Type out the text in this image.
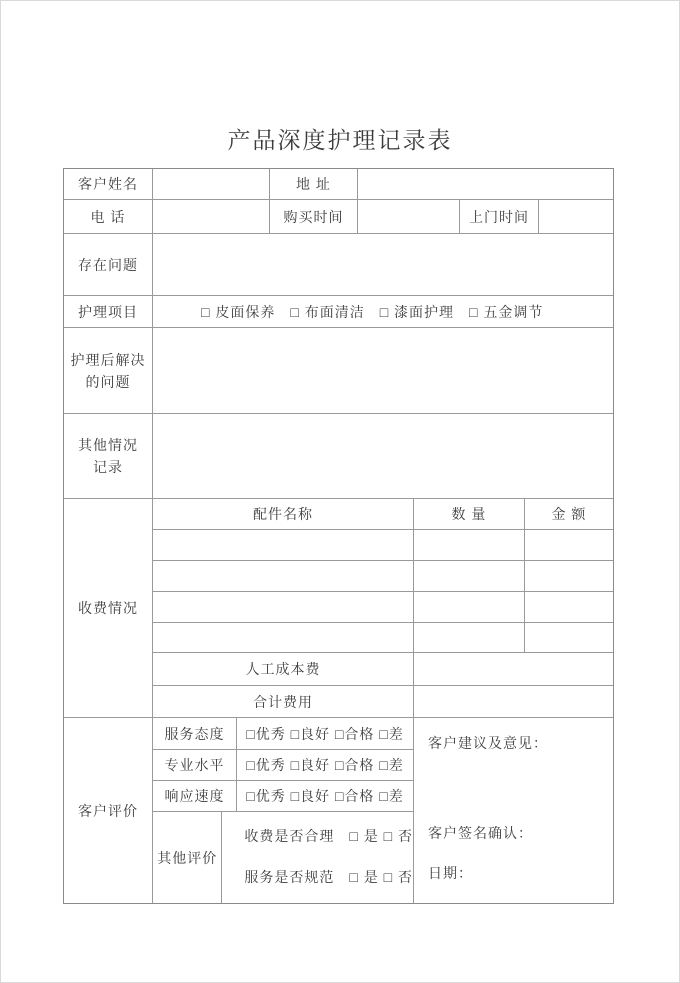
产品深度护理记录表
客户姓名	地 址
电 话	购买时间	上门时间
存在问题
护理项目	□ 皮面保养　□ 布面清洁　□ 漆面护理　□ 五金调节
护理后解决
的问题
其他情况
记录
收费情况
配件名称	数 量	金 额
人工成本费
合计费用
客户评价
服务态度	□优秀 □良好 □合格 □差
专业水平	□优秀 □良好 □合格 □差
响应速度	□优秀 □良好 □合格 □差
其他评价
收费是否合理　□ 是 □ 否
服务是否规范　□ 是 □ 否
客户建议及意见：
客户签名确认：
日期：
